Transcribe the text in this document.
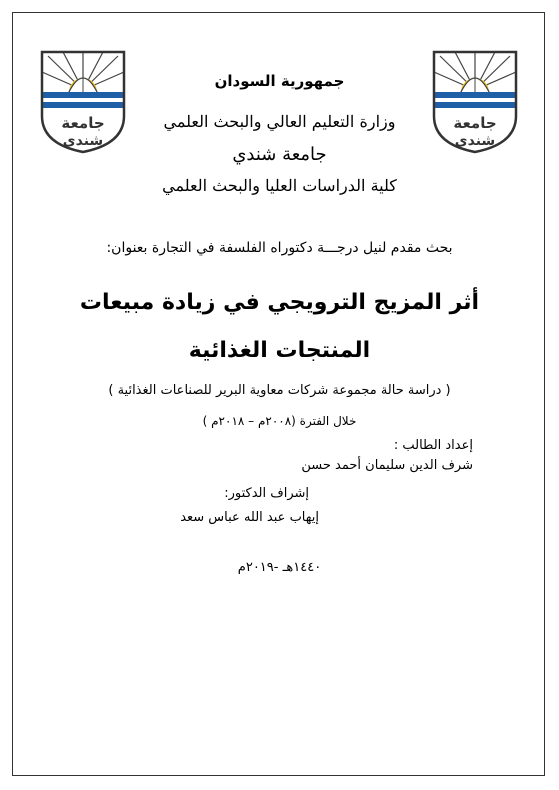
جامعة
شندي
جامعة
شندي
جمهورية السودان
وزارة التعليم العالي والبحث العلمي
جامعة شندي
كلية الدراسات العليا والبحث العلمي
بحث مقدم لنيل درجـــة دكتوراه الفلسفة في التجارة بعنوان:
أثر المزيج الترويجي في زيادة مبيعات
المنتجات الغذائية
( دراسة حالة مجموعة شركات معاوية البرير للصناعات الغذائية )
خلال الفترة (٢٠٠٨م – ٢٠١٨م )
إعداد الطالب :
شرف الدين سليمان أحمد حسن
إشراف الدكتور:
إيهاب عبد الله عباس سعد
١٤٤٠هـ -٢٠١٩م
